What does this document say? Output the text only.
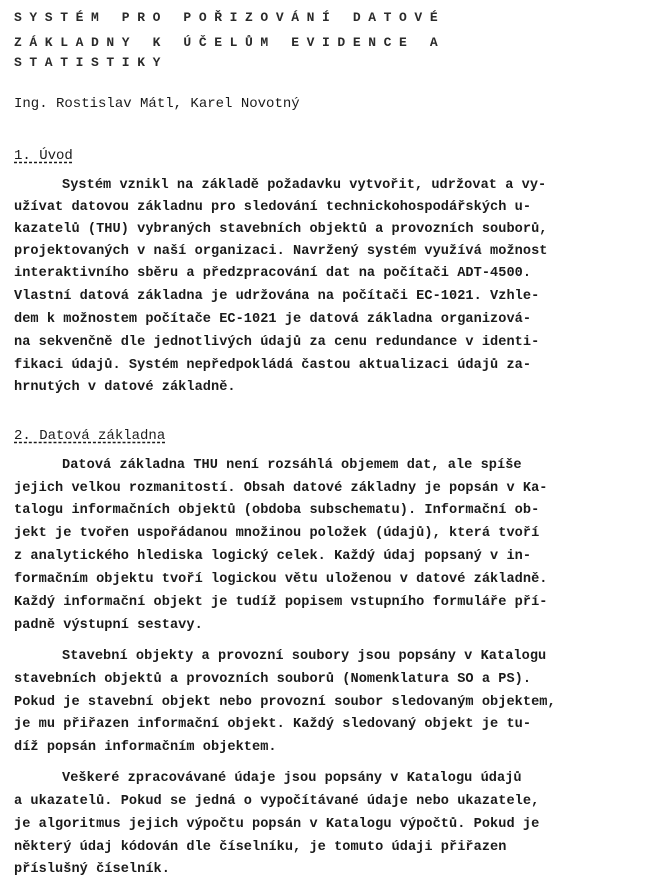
SYSTÉM PRO POŘIZOVÁNÍ DATOVÉ
ZÁKLADNY K ÚČELŮM EVIDENCE A
STATISTIKY
Ing. Rostislav Mátl, Karel Novotný
1. Úvod
Systém vznikl na základě požadavku vytvořit, udržovat a vy-
užívat datovou základnu pro sledování technickohospodářských u-
kazatelů (THU) vybraných stavebních objektů a provozních souborů,
projektovaných v naší organizaci. Navržený systém využívá možnost
interaktivního sběru a předzpracování dat na počítači ADT-4500.
Vlastní datová základna je udržována na počítači EC-1021. Vzhle-
dem k možnostem počítače EC-1021 je datová základna organizová-
na sekvenčně dle jednotlivých údajů za cenu redundance v identi-
fikaci údajů. Systém nepředpokládá častou aktualizaci údajů za-
hrnutých v datové základně.
2. Datová základna
Datová základna THU není rozsáhlá objemem dat, ale spíše
jejich velkou rozmanitostí. Obsah datové základny je popsán v Ka-
talogu informačních objektů (obdoba subschematu). Informační ob-
jekt je tvořen uspořádanou množinou položek (údajů), která tvoří
z analytického hlediska logický celek. Každý údaj popsaný v in-
formačním objektu tvoří logickou větu uloženou v datové základně.
Každý informační objekt je tudíž popisem vstupního formuláře pří-
padně výstupní sestavy.
Stavební objekty a provozní soubory jsou popsány v Katalogu
stavebních objektů a provozních souborů (Nomenklatura SO a PS).
Pokud je stavební objekt nebo provozní soubor sledovaným objektem,
je mu přiřazen informační objekt. Každý sledovaný objekt je tu-
díž popsán informačním objektem.
Veškeré zpracovávané údaje jsou popsány v Katalogu údajů
a ukazatelů. Pokud se jedná o vypočítávané údaje nebo ukazatele,
je algoritmus jejich výpočtu popsán v Katalogu výpočtů. Pokud je
některý údaj kódován dle číselníku, je tomuto údaji přiřazen
příslušný číselník.
